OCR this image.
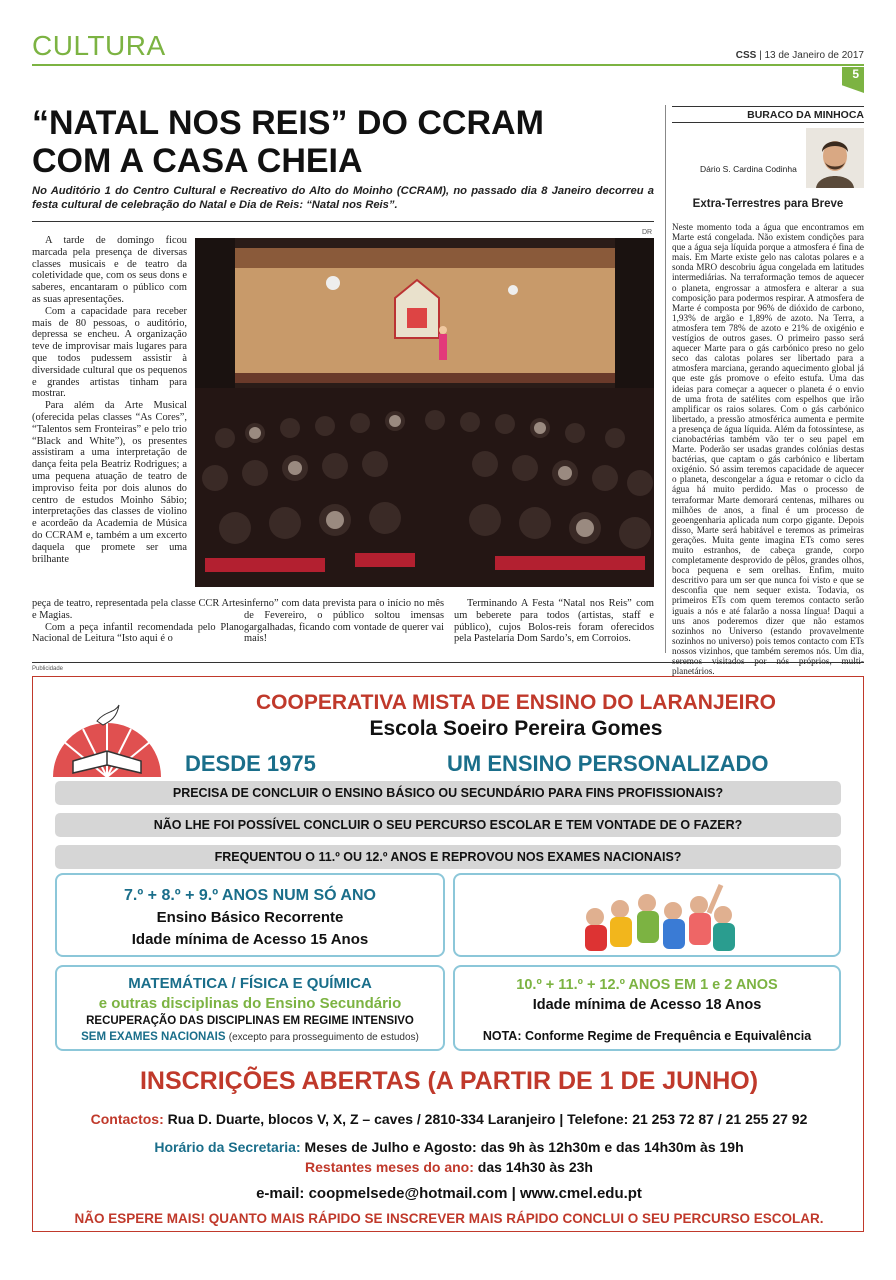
CULTURA	CSS | 13 de Janeiro de 2017
5
“NATAL NOS REIS” DO CCRAM
COM A CASA CHEIA
No Auditório 1 do Centro Cultural e Recreativo do Alto do Moinho (CCRAM), no passado dia 8 Janeiro decorreu a festa cultural de celebração do Natal e Dia de Reis: “Natal nos Reis”.
DR

A tarde de domingo ficou marcada pela presença de diversas classes musicais e de teatro da coletividade que, com os seus dons e saberes, encantaram o público com as suas apresentações.

Com a capacidade para receber mais de 80 pessoas, o auditório, depressa se encheu. A organização teve de improvisar mais lugares para que todos pudessem assistir à diversidade cultural que os pequenos e grandes artistas tinham para mostrar.

Para além da Arte Musical (oferecida pelas classes “As Cores”, “Talentos sem Fronteiras” e pelo trio “Black and White”), os presentes assistiram a uma interpretação de dança feita pela Beatriz Rodrigues; a uma pequena atuação de teatro de improviso feita por dois alunos do centro de estudos Moinho Sábio; interpretações das classes de violino e acordeão da Academia de Música do CCRAM e, também a um excerto daquela que promete ser uma brilhante

peça de teatro, representada pela classe CCR Artes e Magias.

Com a peça infantil recomendada pelo Plano Nacional de Leitura “Isto aqui é o

inferno” com data prevista para o início no mês de Fevereiro, o público soltou imensas gargalhadas, ficando com vontade de querer vai mais!

Terminando A Festa “Natal nos Reis” com um beberete para todos (artistas, staff e público), cujos Bolos-reis foram oferecidos pela Pastelaria Dom Sardo’s, em Corroios.

BURACO DA MINHOCA
Dário S. Cardina Codinha
Extra-Terrestres para Breve
Neste momento toda a água que encontramos em Marte está congelada. Não existem condições para que a água seja líquida porque a atmosfera é fina de mais. Em Marte existe gelo nas calotas polares e a sonda MRO descobriu água congelada em latitudes intermediárias. Na terraformação temos de aquecer o planeta, engrossar a atmosfera e alterar a sua composição para podermos respirar. A atmosfera de Marte é composta por 96% de dióxido de carbono, 1,93% de argão e 1,89% de azoto. Na Terra, a atmosfera tem 78% de azoto e 21% de oxigénio e vestígios de outros gases. O primeiro passo será aquecer Marte para o gás carbónico preso no gelo seco das calotas polares ser libertado para a atmosfera marciana, gerando aquecimento global já que este gás promove o efeito estufa. Uma das ideias para começar a aquecer o planeta é o envio de uma frota de satélites com espelhos que irão amplificar os raios solares. Com o gás carbónico libertado, a pressão atmosférica aumenta e permite a presença de água líquida. Além da fotossíntese, as cianobactérias também vão ter o seu papel em Marte. Poderão ser usadas grandes colónias destas bactérias, que captam o gás carbónico e libertam oxigénio. Só assim teremos capacidade de aquecer o planeta, descongelar a água e retomar o ciclo da água há muito perdido. Mas o processo de terraformar Marte demorará centenas, milhares ou milhões de anos, a final é um processo de geoengenharia aplicada num corpo gigante. Depois disso, Marte será habitável e teremos as primeiras gerações. Muita gente imagina ETs como seres muito estranhos, de cabeça grande, corpo completamente desprovido de pêlos, grandes olhos, boca pequena e sem orelhas. Enfim, muito descritivo para um ser que nunca foi visto e que se desconfia que nem sequer exista. Todavia, os primeiros ETs com quem teremos contacto serão iguais a nós e até falarão a nossa língua! Daqui a uns anos poderemos dizer que não estamos sozinhos no Universo (estando provavelmente sozinhos no universo) pois temos contacto com ETs nossos vizinhos, que também seremos nós. Um dia, planetários.
Publicidade
COOPERATIVA MISTA DE ENSINO DO LARANJEIRO
Escola Soeiro Pereira Gomes
DESDE 1975	UM ENSINO PERSONALIZADO
PRECISA DE CONCLUIR O ENSINO BÁSICO OU SECUNDÁRIO PARA FINS PROFISSIONAIS?
NÃO LHE FOI POSSÍVEL CONCLUIR O SEU PERCURSO ESCOLAR E TEM VONTADE DE O FAZER?
FREQUENTOU O 11.º OU 12.º ANOS E REPROVOU NOS EXAMES NACIONAIS?
7.º + 8.º + 9.º ANOS NUM SÓ ANO
Ensino Básico Recorrente
Idade mínima de Acesso 15 Anos
MATEMÁTICA / FÍSICA E QUÍMICA
e outras disciplinas do Ensino Secundário
RECUPERAÇÃO DAS DISCIPLINAS EM REGIME INTENSIVO
SEM EXAMES NACIONAIS (excepto para prosseguimento de estudos)
10.º + 11.º + 12.º ANOS EM 1 e 2 ANOS
Idade mínima de Acesso 18 Anos
NOTA: Conforme Regime de Frequência e Equivalência
INSCRIÇÕES ABERTAS (A PARTIR DE 1 DE JUNHO)
Contactos: Rua D. Duarte, blocos V, X, Z – caves / 2810-334 Laranjeiro | Telefone: 21 253 72 87 / 21 255 27 92
Horário da Secretaria: Meses de Julho e Agosto: das 9h às 12h30m e das 14h30m às 19h
Restantes meses do ano: das 14h30 às 23h
e-mail: coopmelsede@hotmail.com | www.cmel.edu.pt
NÃO ESPERE MAIS! QUANTO MAIS RÁPIDO SE INSCREVER MAIS RÁPIDO CONCLUI O SEU PERCURSO ESCOLAR.
